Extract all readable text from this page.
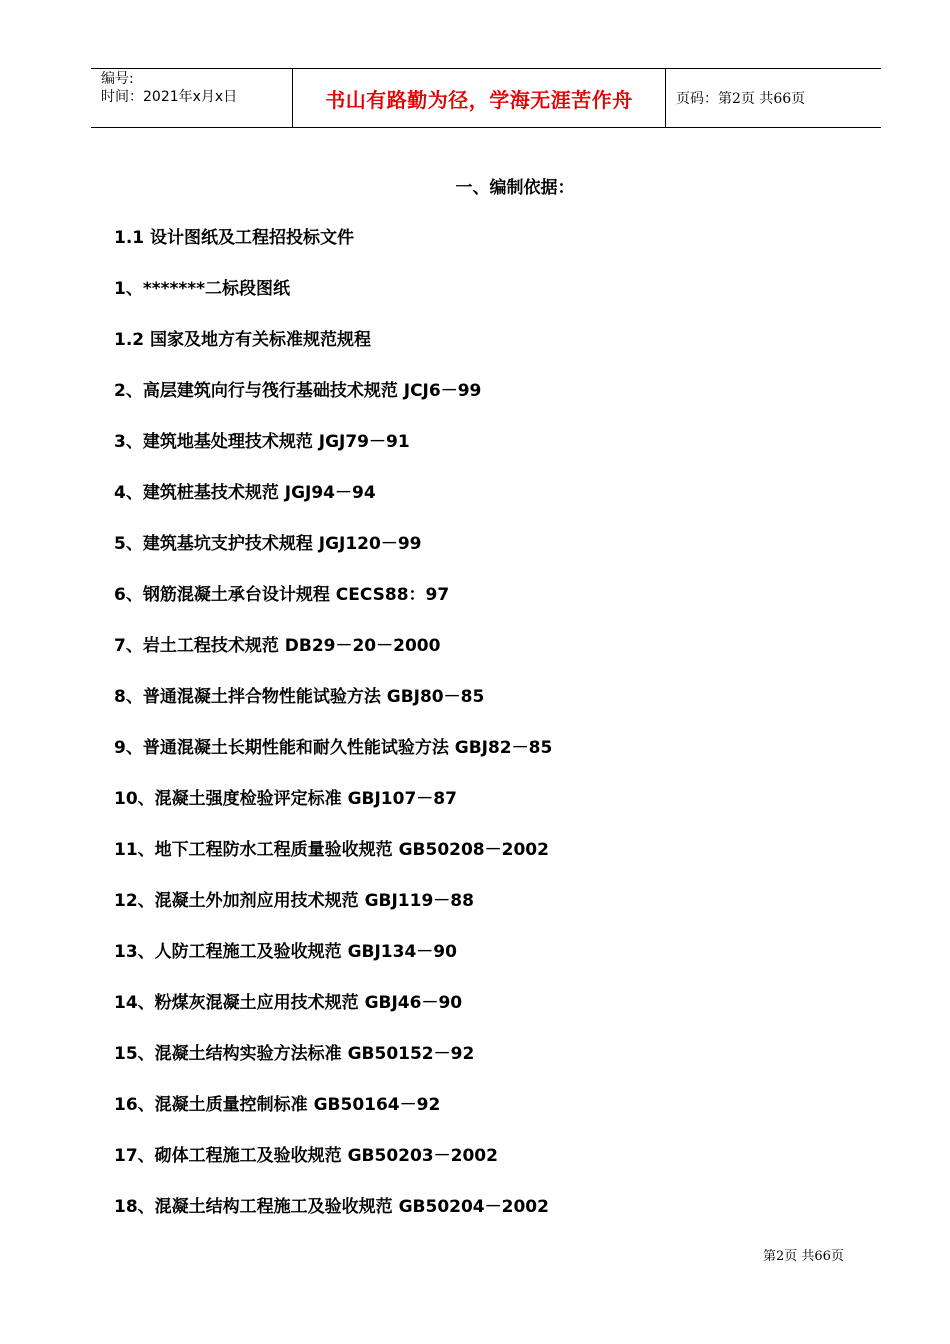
编号:
时间：2021年x月x日	书山有路勤为径，学海无涯苦作舟	页码：第2页 共66页
一、编制依据：
1.1 设计图纸及工程招投标文件
1、*******二标段图纸
1.2 国家及地方有关标准规范规程
2、高层建筑向行与筏行基础技术规范 JCJ6－99
3、建筑地基处理技术规范 JGJ79－91
4、建筑桩基技术规范 JGJ94－94
5、建筑基坑支护技术规程 JGJ120－99
6、钢筋混凝土承台设计规程 CECS88：97
7、岩土工程技术规范 DB29－20－2000
8、普通混凝土拌合物性能试验方法 GBJ80－85
9、普通混凝土长期性能和耐久性能试验方法 GBJ82－85
10、混凝土强度检验评定标准 GBJ107－87
11、地下工程防水工程质量验收规范 GB50208－2002
12、混凝土外加剂应用技术规范 GBJ119－88
13、人防工程施工及验收规范 GBJ134－90
14、粉煤灰混凝土应用技术规范 GBJ46－90
15、混凝土结构实验方法标准 GB50152－92
16、混凝土质量控制标准 GB50164－92
17、砌体工程施工及验收规范 GB50203－2002
18、混凝土结构工程施工及验收规范 GB50204－2002
第2页 共66页
